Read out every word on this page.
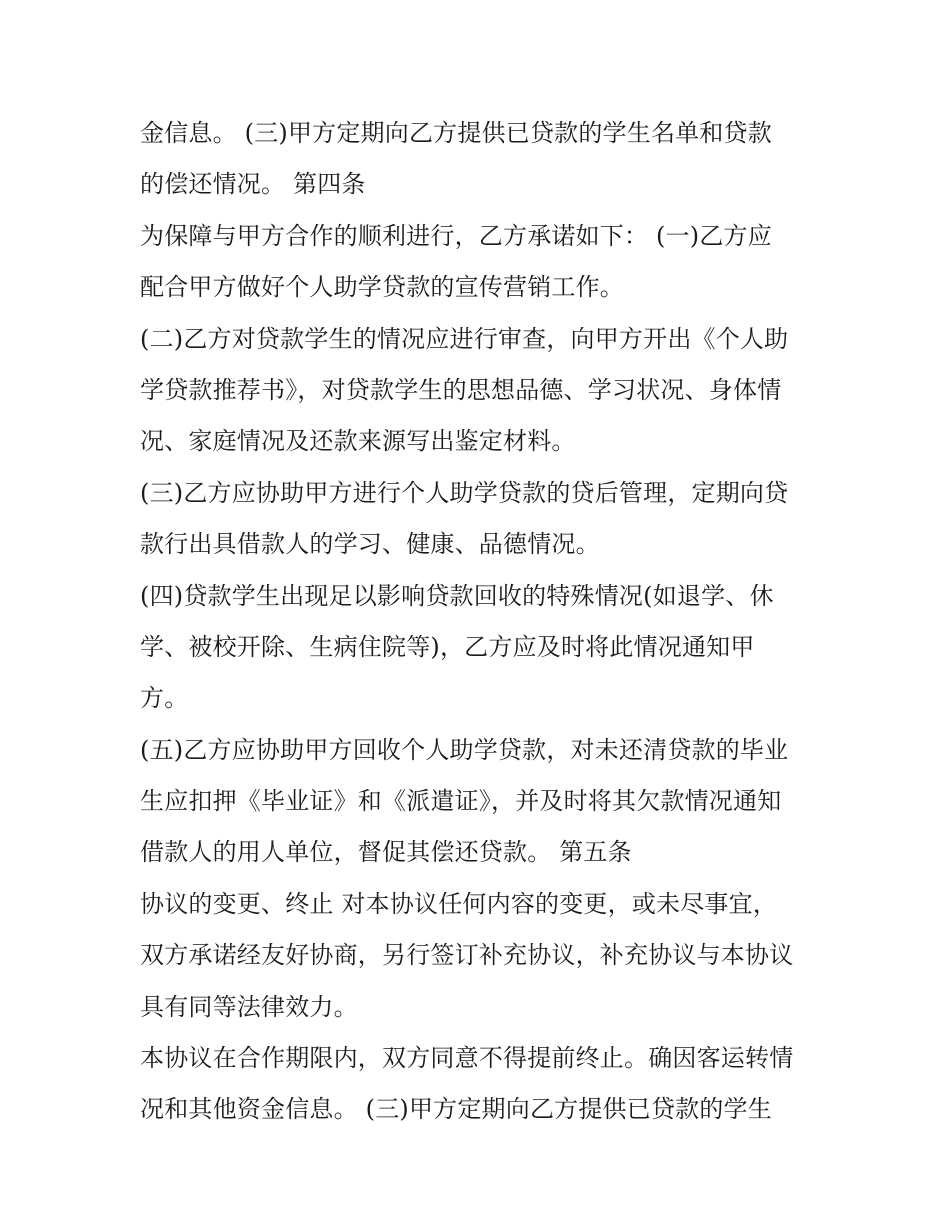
金信息。 (三)甲方定期向乙方提供已贷款的学生名单和贷款
的偿还情况。 第四条
为保障与甲方合作的顺利进行，乙方承诺如下： (一)乙方应
配合甲方做好个人助学贷款的宣传营销工作。
(二)乙方对贷款学生的情况应进行审查，向甲方开出《个人助
学贷款推荐书》，对贷款学生的思想品德、学习状况、身体情
况、家庭情况及还款来源写出鉴定材料。
(三)乙方应协助甲方进行个人助学贷款的贷后管理，定期向贷
款行出具借款人的学习、健康、品德情况。
(四)贷款学生出现足以影响贷款回收的特殊情况(如退学、休
学、被校开除、生病住院等)，乙方应及时将此情况通知甲
方。
(五)乙方应协助甲方回收个人助学贷款，对未还清贷款的毕业
生应扣押《毕业证》和《派遣证》，并及时将其欠款情况通知
借款人的用人单位，督促其偿还贷款。 第五条
协议的变更、终止 对本协议任何内容的变更，或未尽事宜，
双方承诺经友好协商，另行签订补充协议，补充协议与本协议
具有同等法律效力。
本协议在合作期限内，双方同意不得提前终止。确因客运转情
况和其他资金信息。 (三)甲方定期向乙方提供已贷款的学生
